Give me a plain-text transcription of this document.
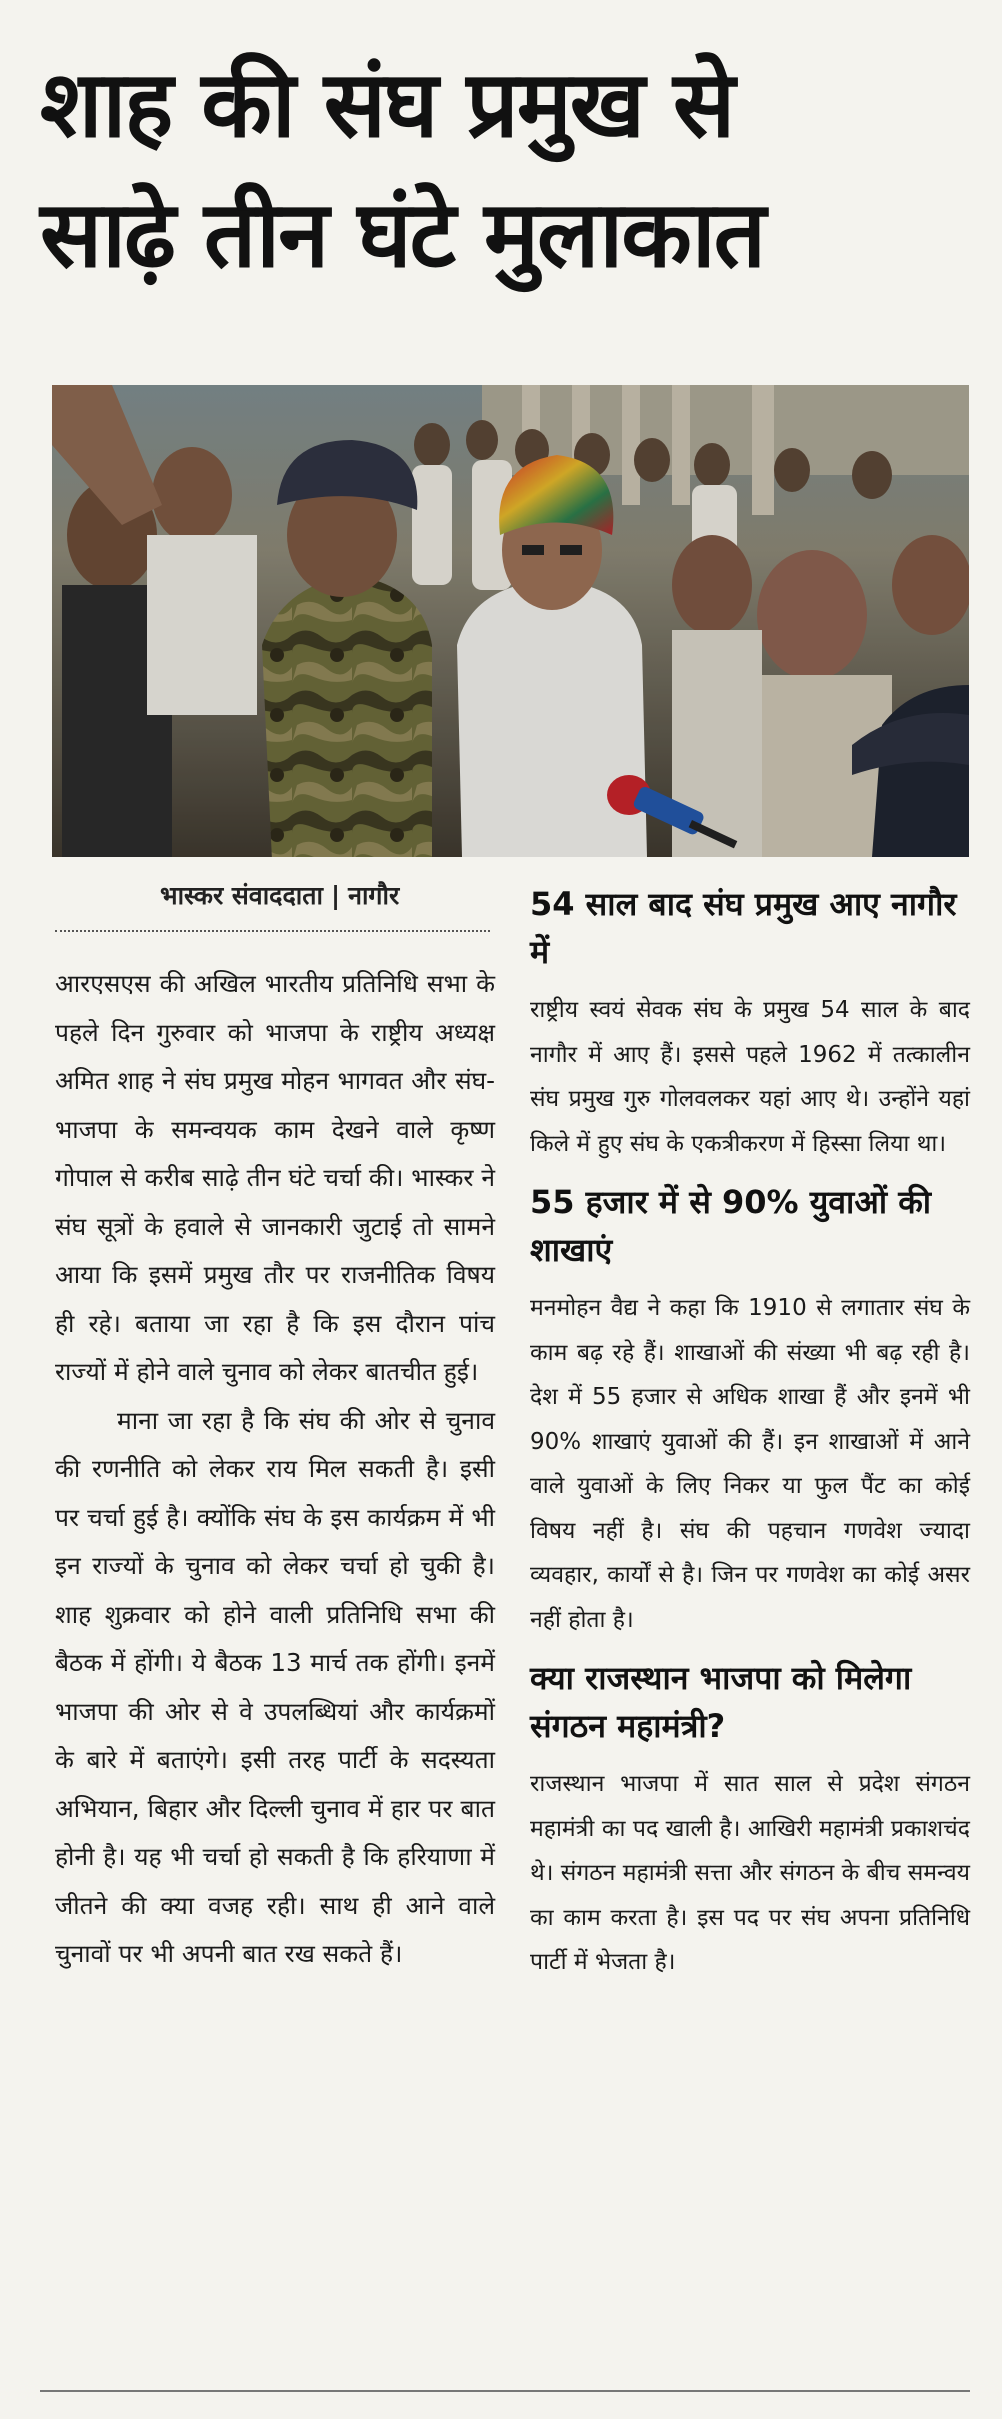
शाह की संघ प्रमुख से
साढ़े तीन घंटे मुलाकात
भास्कर संवाददाता | नागौर

आरएसएस की अखिल भारतीय प्रतिनिधि सभा के पहले दिन गुरुवार को भाजपा के राष्ट्रीय अध्यक्ष अमित शाह ने संघ प्रमुख मोहन भागवत और संघ-भाजपा के समन्वयक काम देखने वाले कृष्ण गोपाल से करीब साढ़े तीन घंटे चर्चा की। भास्कर ने संघ सूत्रों के हवाले से जानकारी जुटाई तो सामने आया कि इसमें प्रमुख तौर पर राजनीतिक विषय ही रहे। बताया जा रहा है कि इस दौरान पांच राज्यों में होने वाले चुनाव को लेकर बातचीत हुई।

माना जा रहा है कि संघ की ओर से चुनाव की रणनीति को लेकर राय मिल सकती है। इसी पर चर्चा हुई है। क्योंकि संघ के इस कार्यक्रम में भी इन राज्यों के चुनाव को लेकर चर्चा हो चुकी है। शाह शुक्रवार को होने वाली प्रतिनिधि सभा की बैठक में होंगी। ये बैठक 13 मार्च तक होंगी। इनमें भाजपा की ओर से वे उपलब्धियां और कार्यक्रमों के बारे में बताएंगे। इसी तरह पार्टी के सदस्यता अभियान, बिहार और दिल्ली चुनाव में हार पर बात होनी है। यह भी चर्चा हो सकती है कि हरियाणा में जीतने की क्या वजह रही। साथ ही आने वाले चुनावों पर भी अपनी बात रख सकते हैं।

54 साल बाद संघ प्रमुख आए नागौर में

राष्ट्रीय स्वयं सेवक संघ के प्रमुख 54 साल के बाद नागौर में आए हैं। इससे पहले 1962 में तत्कालीन संघ प्रमुख गुरु गोलवलकर यहां आए थे। उन्होंने यहां किले में हुए संघ के एकत्रीकरण में हिस्सा लिया था।

55 हजार में से 90% युवाओं की शाखाएं

मनमोहन वैद्य ने कहा कि 1910 से लगातार संघ के काम बढ़ रहे हैं। शाखाओं की संख्या भी बढ़ रही है। देश में 55 हजार से अधिक शाखा हैं और इनमें भी 90% शाखाएं युवाओं की हैं। इन शाखाओं में आने वाले युवाओं के लिए निकर या फुल पैंट का कोई विषय नहीं है। संघ की पहचान गणवेश ज्यादा व्यवहार, कार्यों से है। जिन पर गणवेश का कोई असर नहीं होता है।

क्या राजस्थान भाजपा को मिलेगा संगठन महामंत्री?

राजस्थान भाजपा में सात साल से प्रदेश संगठन महामंत्री का पद खाली है। आखिरी महामंत्री प्रकाशचंद थे। संगठन महामंत्री सत्ता और संगठन के बीच समन्वय का काम करता है। इस पद पर संघ अपना प्रतिनिधि पार्टी में भेजता है।
